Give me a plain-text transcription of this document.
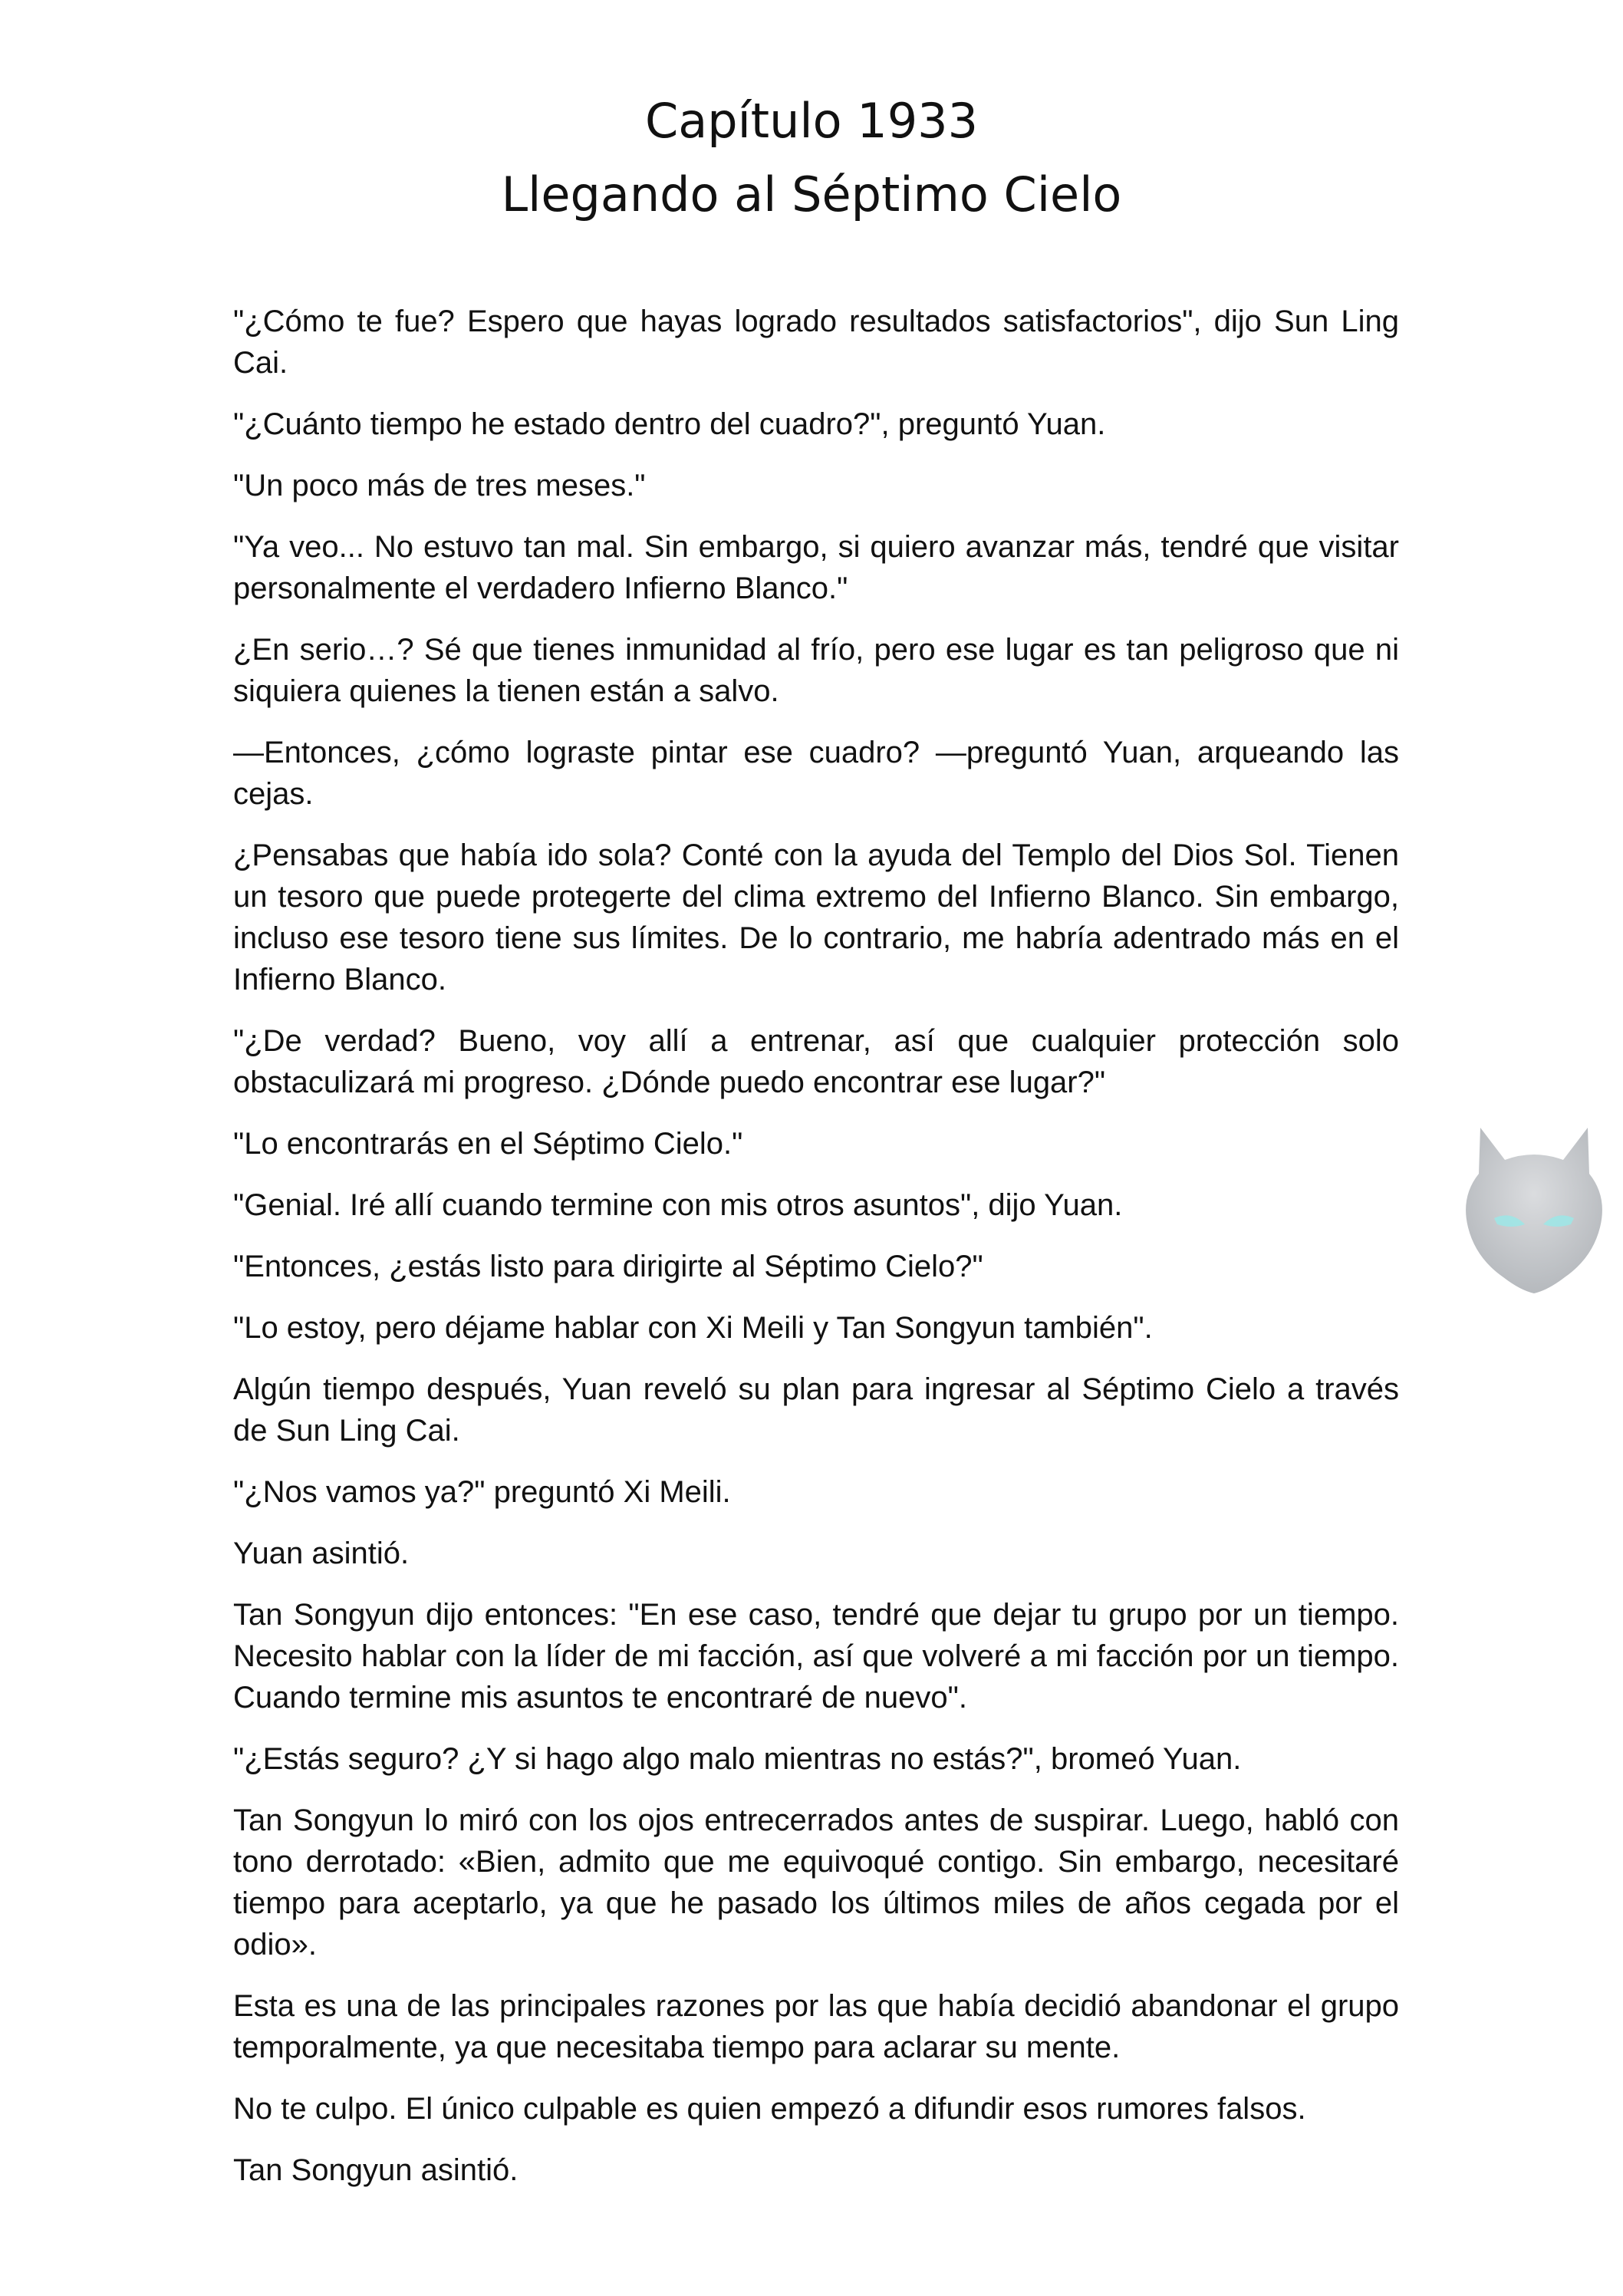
Capítulo 1933
Llegando al Séptimo Cielo

"¿Cómo te fue? Espero que hayas logrado resultados satisfactorios", dijo Sun Ling Cai.

"¿Cuánto tiempo he estado dentro del cuadro?", preguntó Yuan.

"Un poco más de tres meses."

"Ya veo... No estuvo tan mal. Sin embargo, si quiero avanzar más, tendré que visitar personalmente el verdadero Infierno Blanco."

¿En serio…? Sé que tienes inmunidad al frío, pero ese lugar es tan peligroso que ni siquiera quienes la tienen están a salvo.

—Entonces, ¿cómo lograste pintar ese cuadro? —preguntó Yuan, arqueando las cejas.

¿Pensabas que había ido sola? Conté con la ayuda del Templo del Dios Sol. Tienen un tesoro que puede protegerte del clima extremo del Infierno Blanco. Sin embargo, incluso ese tesoro tiene sus límites. De lo contrario, me habría adentrado más en el Infierno Blanco.

"¿De verdad? Bueno, voy allí a entrenar, así que cualquier protección solo obstaculizará mi progreso. ¿Dónde puedo encontrar ese lugar?"

"Lo encontrarás en el Séptimo Cielo."

"Genial. Iré allí cuando termine con mis otros asuntos", dijo Yuan.

"Entonces, ¿estás listo para dirigirte al Séptimo Cielo?"

"Lo estoy, pero déjame hablar con Xi Meili y Tan Songyun también".

Algún tiempo después, Yuan reveló su plan para ingresar al Séptimo Cielo a través de Sun Ling Cai.

"¿Nos vamos ya?" preguntó Xi Meili.

Yuan asintió.

Tan Songyun dijo entonces: "En ese caso, tendré que dejar tu grupo por un tiempo. Necesito hablar con la líder de mi facción, así que volveré a mi facción por un tiempo. Cuando termine mis asuntos te encontraré de nuevo".

"¿Estás seguro? ¿Y si hago algo malo mientras no estás?", bromeó Yuan.

Tan Songyun lo miró con los ojos entrecerrados antes de suspirar. Luego, habló con tono derrotado: «Bien, admito que me equivoqué contigo. Sin embargo, necesitaré tiempo para aceptarlo, ya que he pasado los últimos miles de años cegada por el odio».

Esta es una de las principales razones por las que había decidió abandonar el grupo temporalmente, ya que necesitaba tiempo para aclarar su mente.

No te culpo. El único culpable es quien empezó a difundir esos rumores falsos.

Tan Songyun asintió.
